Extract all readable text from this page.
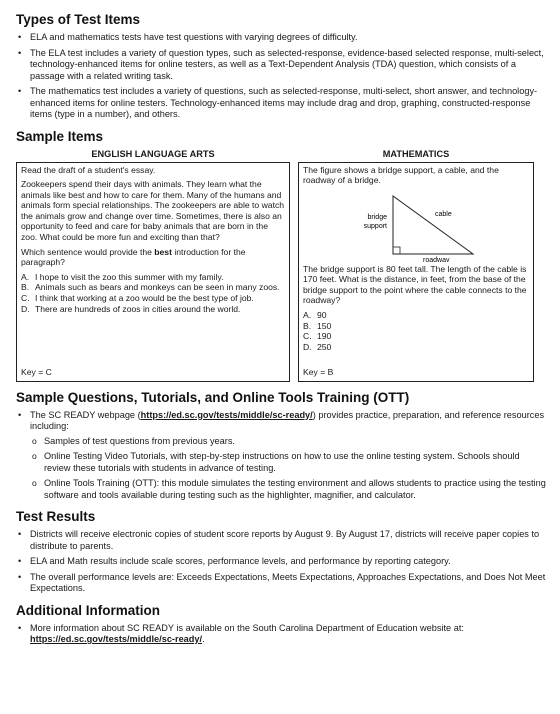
Types of Test Items
• ELA and mathematics tests have test questions with varying degrees of difficulty.
• The ELA test includes a variety of question types, such as selected-response, evidence-based selected response, multi-select, technology-enhanced items for online testers, as well as a Text-Dependent Analysis (TDA) question, which consists of a passage with a related writing task.
• The mathematics test includes a variety of questions, such as selected-response, multi-select, short answer, and technology-enhanced items for online testers. Technology-enhanced items may include drag and drop, graphing, constructed-response items (type in a number), and others.
Sample Items
ENGLISH LANGUAGE ARTS

Read the draft of a student's essay.

Zookeepers spend their days with animals. They learn what the animals like best and how to care for them. Many of the humans and animals form special relationships. The zookeepers are able to watch the animals grow and change over time. Sometimes, there is also an opportunity to feed and care for baby animals that are born in the zoo. What could be more fun and exciting than that?

Which sentence would provide the best introduction for the paragraph?

A. I hope to visit the zoo this summer with my family.
B. Animals such as bears and monkeys can be seen in many zoos.
C. I think that working at a zoo would be the best type of job.
D. There are hundreds of zoos in cities around the world.
Key = C
MATHEMATICS

The figure shows a bridge support, a cable, and the roadway of a bridge.

bridge
support
cable
roadway

The bridge support is 80 feet tall. The length of the cable is 170 feet. What is the distance, in feet, from the base of the bridge support to the point where the cable connects to the roadway?

A. 90
B. 150
C. 190
D. 250
Key = B
Sample Questions, Tutorials, and Online Tools Training (OTT)
• The SC READY webpage (https://ed.sc.gov/tests/middle/sc-ready/) provides practice, preparation, and reference resources including:
o Samples of test questions from previous years.
o Online Testing Video Tutorials, with step-by-step instructions on how to use the online testing system. Schools should review these tutorials with students in advance of testing.
o Online Tools Training (OTT): this module simulates the testing environment and allows students to practice using the testing software and tools available during testing such as the highlighter, magnifier, and calculator.
Test Results
• Districts will receive electronic copies of student score reports by August 9. By August 17, districts will receive paper copies to distribute to parents.
• ELA and Math results include scale scores, performance levels, and performance by reporting category.
• The overall performance levels are: Exceeds Expectations, Meets Expectations, Approaches Expectations, and Does Not Meet Expectations.
Additional Information
• More information about SC READY is available on the South Carolina Department of Education website at: https://ed.sc.gov/tests/middle/sc-ready/.
